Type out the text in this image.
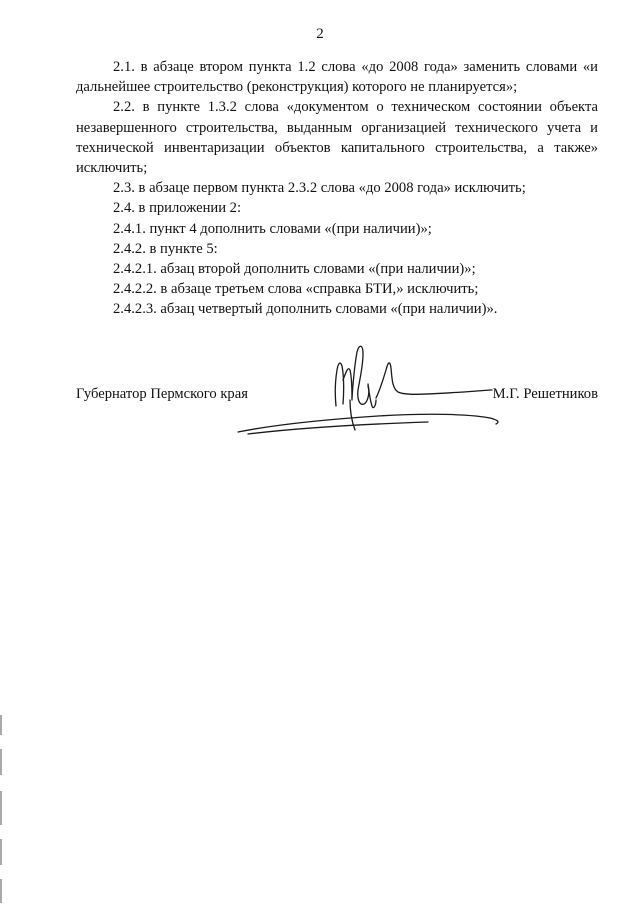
2

2.1. в абзаце втором пункта 1.2 слова «до 2008 года» заменить словами «и дальнейшее строительство (реконструкция) которого не планируется»;

2.2. в пункте 1.3.2 слова «документом о техническом состоянии объекта незавершенного строительства, выданным организацией технического учета и технической инвентаризации объектов капитального строительства, а также» исключить;

2.3. в абзаце первом пункта 2.3.2 слова «до 2008 года» исключить;

2.4. в приложении 2:

2.4.1. пункт 4 дополнить словами «(при наличии)»;

2.4.2. в пункте 5:

2.4.2.1. абзац второй дополнить словами «(при наличии)»;

2.4.2.2. в абзаце третьем слова «справка БТИ,» исключить;

2.4.2.3. абзац четвертый дополнить словами «(при наличии)».

Губернатор Пермского края	М.Г. Решетников
